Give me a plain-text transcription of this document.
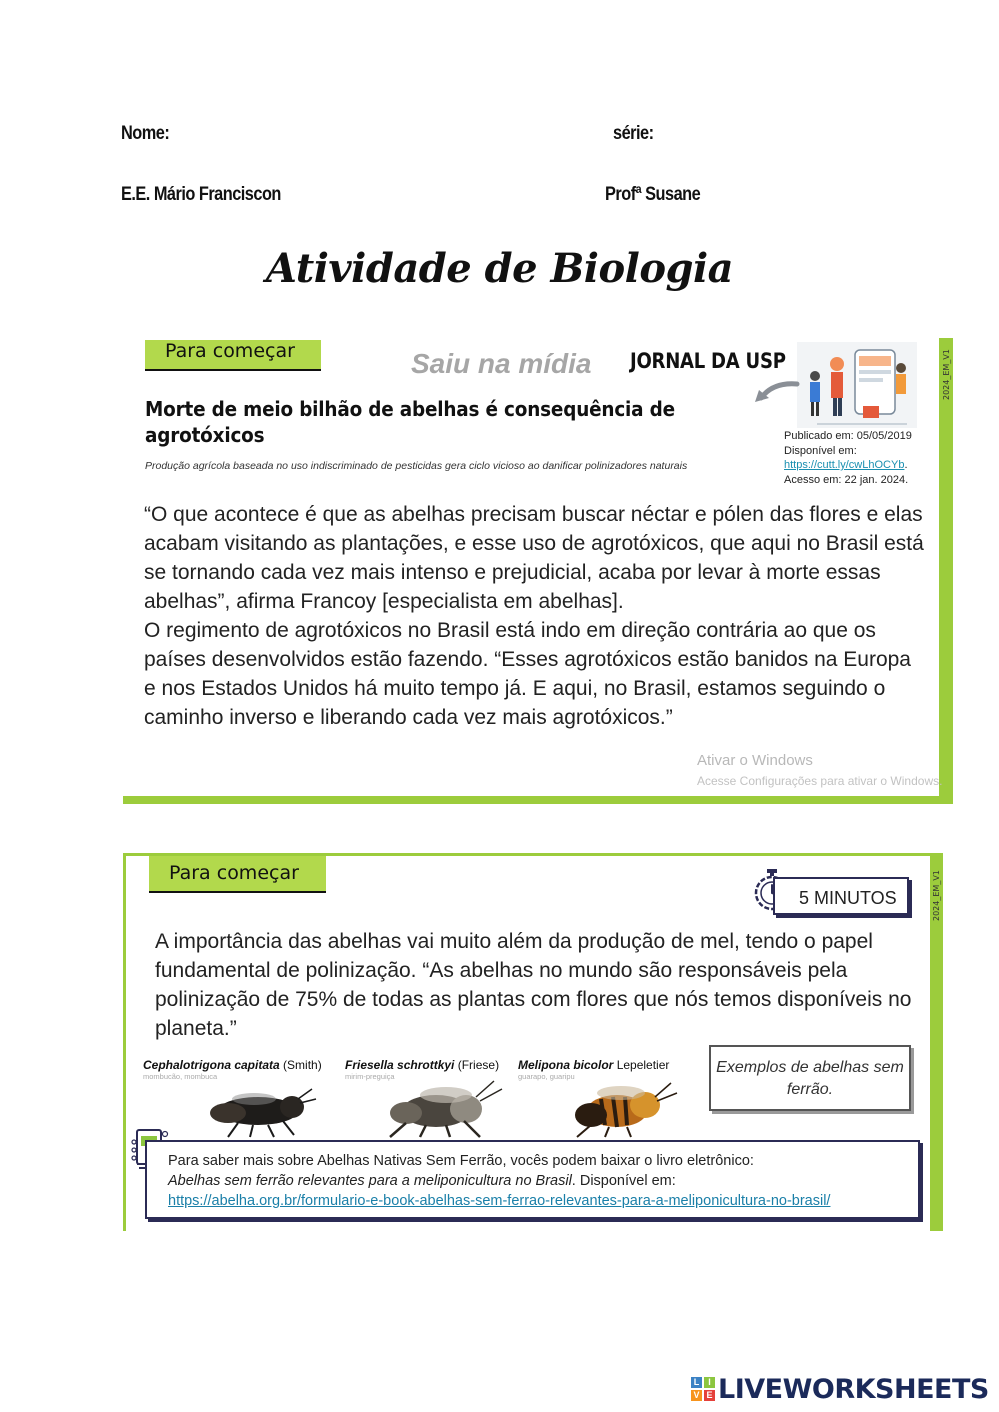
Nome:	série:
E.E. Mário Franciscon	Profª Susane
Atividade de Biologia
2024_EM_V1
Para começar	Saiu na mídia JORNAL DA USP
Morte de meio bilhão de abelhas é consequência de agrotóxicos
Produção agrícola baseada no uso indiscriminado de pesticidas gera ciclo vicioso ao danificar polinizadores naturais
Publicado em: 05/05/2019
Disponível em:
https://cutt.ly/cwLhOCYb.
Acesso em: 22 jan. 2024.
“O que acontece é que as abelhas precisam buscar néctar e pólen das flores e elas acabam visitando as plantações, e esse uso de agrotóxicos, que aqui no Brasil está se tornando cada vez mais intenso e prejudicial, acaba por levar à morte essas abelhas”, afirma Francoy [especialista em abelhas].
O regimento de agrotóxicos no Brasil está indo em direção contrária ao que os países desenvolvidos estão fazendo. “Esses agrotóxicos estão banidos na Europa e nos Estados Unidos há muito tempo já. E aqui, no Brasil, estamos seguindo o caminho inverso e liberando cada vez mais agrotóxicos.”
Ativar o Windows
Acesse Configurações para ativar o Windows.
2024_EM_V1
Para começar
5 MINUTOS
A importância das abelhas vai muito além da produção de mel, tendo o papel fundamental de polinização. “As abelhas no mundo são responsáveis pela polinização de 75% de todas as plantas com flores que nós temos disponíveis no planeta.”
Cephalotrigona capitata (Smith)
mombucão, mombuca
Friesella schrottkyi (Friese)
mirim-preguiça
Melipona bicolor Lepeletier
guarapo, guaripu
Exemplos de abelhas sem ferrão.
Para saber mais sobre Abelhas Nativas Sem Ferrão, vocês podem baixar o livro eletrônico:
Abelhas sem ferrão relevantes para a meliponicultura no Brasil. Disponível em:
https://abelha.org.br/formulario-e-book-abelhas-sem-ferrao-relevantes-para-a-meliponicultura-no-brasil/
L I
V E LIVEWORKSHEETS
